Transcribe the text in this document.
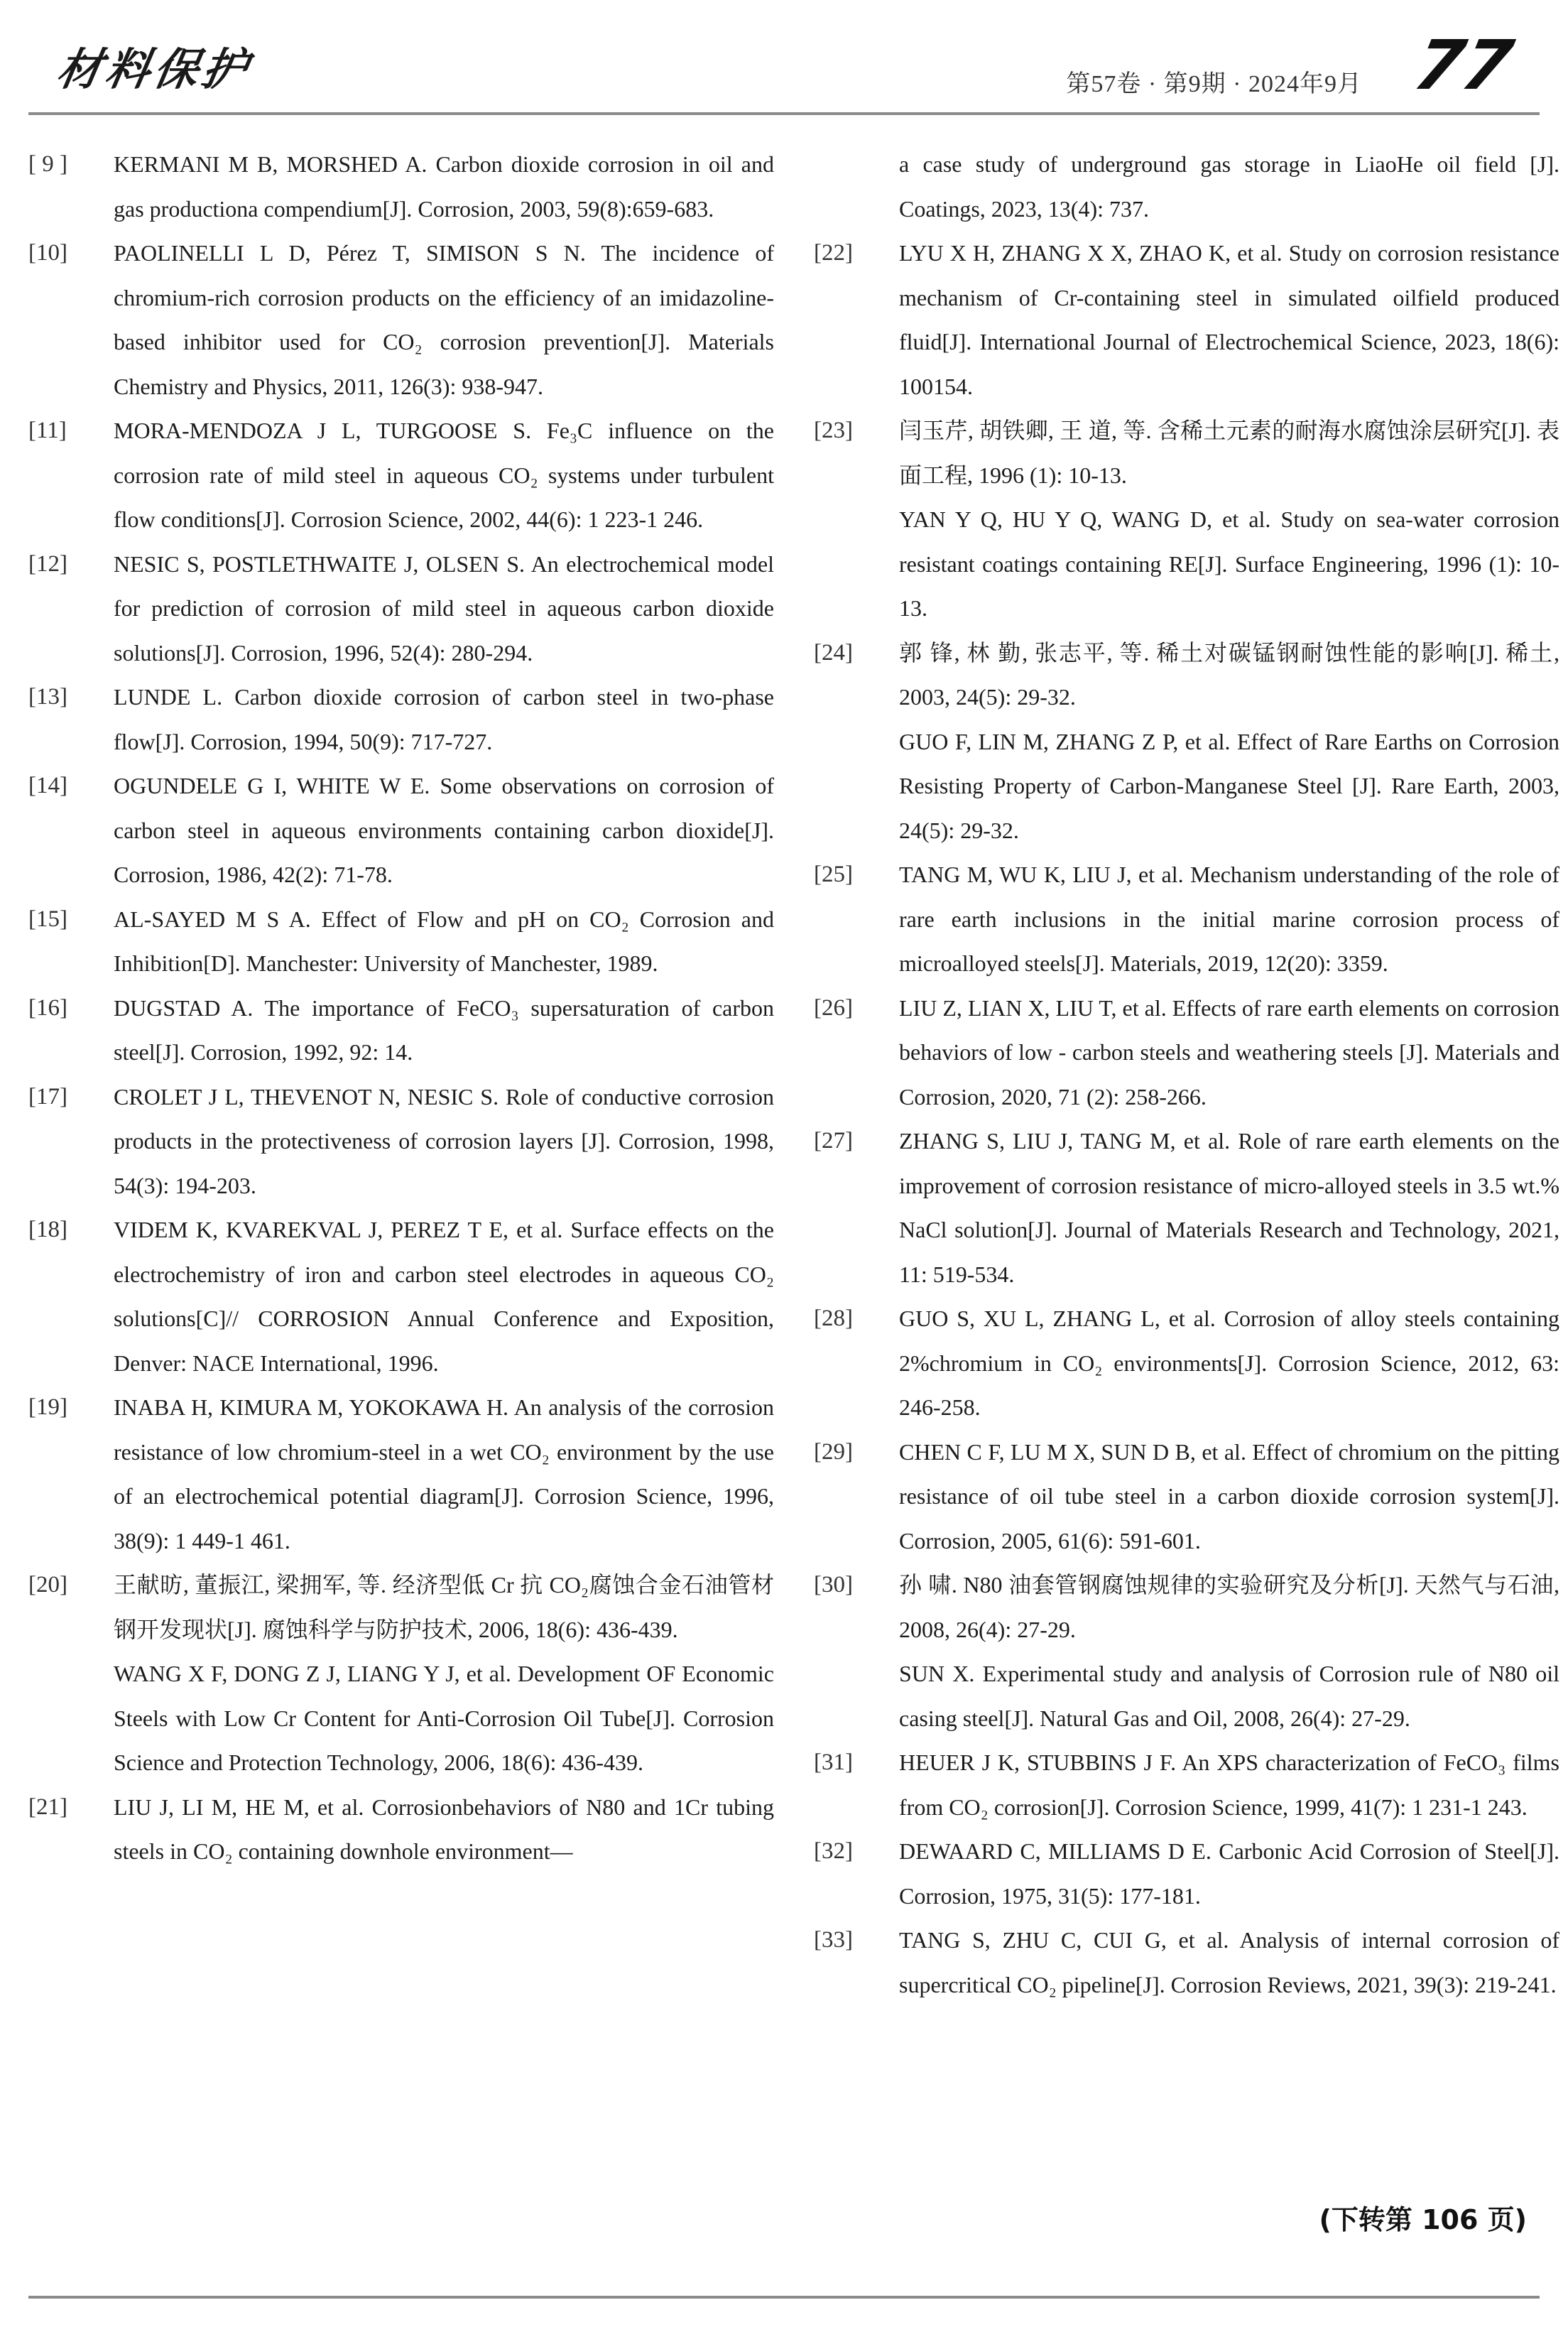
材料保护	第57卷 · 第9期 · 2024年9月 77
[ 9 ]	KERMANI M B, MORSHED A. Carbon dioxide corrosion in oil and gas productiona compendium[J]. Corrosion, 2003, 59(8):659-683.
[10]	PAOLINELLI L D, Pérez T, SIMISON S N. The incidence of chromium-rich corrosion products on the efficiency of an imidazoline-based inhibitor used for CO₂ corrosion prevention[J]. Materials Chemistry and Physics, 2011, 126(3): 938-947.
[11]	MORA-MENDOZA J L, TURGOOSE S. Fe₃C influence on the corrosion rate of mild steel in aqueous CO₂ systems under turbulent flow conditions[J]. Corrosion Science, 2002, 44(6): 1 223-1 246.
[12]	NESIC S, POSTLETHWAITE J, OLSEN S. An electrochemical model for prediction of corrosion of mild steel in aqueous carbon dioxide solutions[J]. Corrosion, 1996, 52(4): 280-294.
[13]	LUNDE L. Carbon dioxide corrosion of carbon steel in two-phase flow[J]. Corrosion, 1994, 50(9): 717-727.
[14]	OGUNDELE G I, WHITE W E. Some observations on corrosion of carbon steel in aqueous environments containing carbon dioxide[J]. Corrosion, 1986, 42(2): 71-78.
[15]	AL-SAYED M S A. Effect of Flow and pH on CO₂ Corrosion and Inhibition[D]. Manchester: University of Manchester, 1989.
[16]	DUGSTAD A. The importance of FeCO₃ supersaturation of carbon steel[J]. Corrosion, 1992, 92: 14.
[17]	CROLET J L, THEVENOT N, NESIC S. Role of conductive corrosion products in the protectiveness of corrosion layers [J]. Corrosion, 1998, 54(3): 194-203.
[18]	VIDEM K, KVAREKVAL J, PEREZ T E, et al. Surface effects on the electrochemistry of iron and carbon steel electrodes in aqueous CO₂ solutions[C]// CORROSION Annual Conference and Exposition, Denver: NACE International, 1996.
[19]	INABA H, KIMURA M, YOKOKAWA H. An analysis of the corrosion resistance of low chromium-steel in a wet CO₂ environment by the use of an electrochemical potential diagram[J]. Corrosion Science, 1996, 38(9): 1 449-1 461.
[20]	王献昉, 董振江, 梁拥军, 等. 经济型低 Cr 抗 CO₂腐蚀合金石油管材钢开发现状[J]. 腐蚀科学与防护技术, 2006, 18(6): 436-439.
WANG X F, DONG Z J, LIANG Y J, et al. Development OF Economic Steels with Low Cr Content for Anti-Corrosion Oil Tube[J]. Corrosion Science and Protection Technology, 2006, 18(6): 436-439.
[21]	LIU J, LI M, HE M, et al. Corrosionbehaviors of N80 and 1Cr tubing steels in CO₂ containing downhole environment—
a case study of underground gas storage in LiaoHe oil field [J]. Coatings, 2023, 13(4): 737.
[22]	LYU X H, ZHANG X X, ZHAO K, et al. Study on corrosion resistance mechanism of Cr-containing steel in simulated oilfield produced fluid[J]. International Journal of Electrochemical Science, 2023, 18(6): 100154.
[23]	闫玉芹, 胡铁卿, 王 道, 等. 含稀土元素的耐海水腐蚀涂层研究[J]. 表面工程, 1996 (1): 10-13.
YAN Y Q, HU Y Q, WANG D, et al. Study on sea-water corrosion resistant coatings containing RE[J]. Surface Engineering, 1996 (1): 10-13.
[24]	郭 锋, 林 勤, 张志平, 等. 稀土对碳锰钢耐蚀性能的影响[J]. 稀土, 2003, 24(5): 29-32.
GUO F, LIN M, ZHANG Z P, et al. Effect of Rare Earths on Corrosion Resisting Property of Carbon-Manganese Steel [J]. Rare Earth, 2003, 24(5): 29-32.
[25]	TANG M, WU K, LIU J, et al. Mechanism understanding of the role of rare earth inclusions in the initial marine corrosion process of microalloyed steels[J]. Materials, 2019, 12(20): 3359.
[26]	LIU Z, LIAN X, LIU T, et al. Effects of rare earth elements on corrosion behaviors of low - carbon steels and weathering steels [J]. Materials and Corrosion, 2020, 71 (2): 258-266.
[27]	ZHANG S, LIU J, TANG M, et al. Role of rare earth elements on the improvement of corrosion resistance of micro-alloyed steels in 3.5 wt.% NaCl solution[J]. Journal of Materials Research and Technology, 2021, 11: 519-534.
[28]	GUO S, XU L, ZHANG L, et al. Corrosion of alloy steels containing 2%chromium in CO₂ environments[J]. Corrosion Science, 2012, 63: 246-258.
[29]	CHEN C F, LU M X, SUN D B, et al. Effect of chromium on the pitting resistance of oil tube steel in a carbon dioxide corrosion system[J]. Corrosion, 2005, 61(6): 591-601.
[30]	孙 啸. N80 油套管钢腐蚀规律的实验研究及分析[J]. 天然气与石油, 2008, 26(4): 27-29.
SUN X. Experimental study and analysis of Corrosion rule of N80 oil casing steel[J]. Natural Gas and Oil, 2008, 26(4): 27-29.
[31]	HEUER J K, STUBBINS J F. An XPS characterization of FeCO₃ films from CO₂ corrosion[J]. Corrosion Science, 1999, 41(7): 1 231-1 243.
[32]	DEWAARD C, MILLIAMS D E. Carbonic Acid Corrosion of Steel[J]. Corrosion, 1975, 31(5): 177-181.
[33]	TANG S, ZHU C, CUI G, et al. Analysis of internal corrosion of supercritical CO₂ pipeline[J]. Corrosion Reviews, 2021, 39(3): 219-241.
(下转第 106 页)
